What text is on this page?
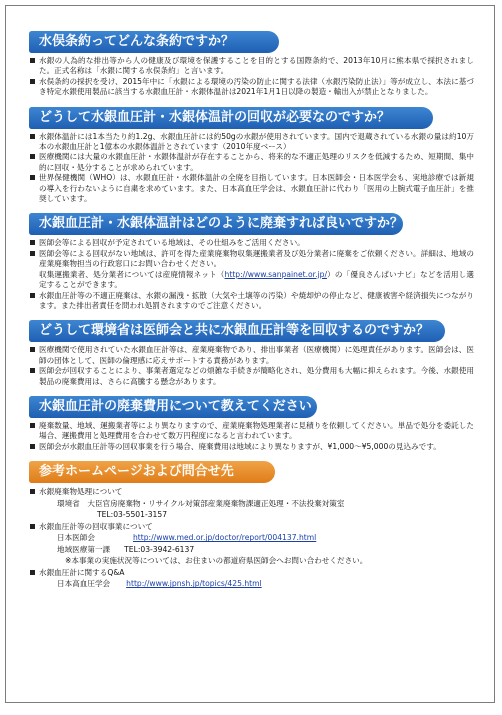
水俣条約ってどんな条約ですか？
水銀の人為的な排出等から人の健康及び環境を保護することを目的とする国際条約で、2013年10月に熊本県で採択されました。正式名称は「水銀に関する水俣条約」と言います。
水俣条約の採択を受け、2015年中に「水銀による環境の汚染の防止に関する法律（水銀汚染防止法）」等が成立し、本法に基づき特定水銀使用製品に該当する水銀血圧計・水銀体温計は2021年1月1日以降の製造・輸出入が禁止となりました。
どうして水銀血圧計・水銀体温計の回収が必要なのですか？
水銀体温計には1本当たり約1.2g、水銀血圧計には約50gの水銀が使用されています。国内で退蔵されている水銀の量は約10万本の水銀血圧計と1億本の水銀体温計とされています（2010年度ベース）
医療機関には大量の水銀血圧計・水銀体温計が存在することから、将来的な不適正処理のリスクを低減するため、短期間、集中的に回収・処分することが求められています。
世界保健機関（WHO）は、水銀血圧計・水銀体温計の全廃を目指しています。日本医師会・日本医学会も、実地診療では新規の導入を行わないように自粛を求めています。また、日本高血圧学会は、水銀血圧計に代わり「医用の上腕式電子血圧計」を推奨しています。
水銀血圧計・水銀体温計はどのように廃棄すれば良いですか？
医師会等による回収が予定されている地域は、その仕組みをご活用ください。
医師会等による回収がない地域は、許可を得た産業廃棄物収集運搬業者及び処分業者に廃棄をご依頼ください。詳細は、地域の産業廃棄物担当の行政窓口にお問い合わせください。
収集運搬業者、処分業者については産廃情報ネット（http://www.sanpainet.or.jp/）の「優良さんぱいナビ」などを活用し選定することができます。
水銀血圧計等の不適正廃棄は、水銀の漏洩・拡散（大気や土壌等の汚染）や焼却炉の停止など、健康被害や経済損失につながります。また排出者責任を問われ処罰されますのでご注意ください。
どうして環境省は医師会と共に水銀血圧計等を回収するのですか？
医療機関で使用されていた水銀血圧計等は、産業廃棄物であり、排出事業者（医療機関）に処理責任があります。医師会は、医師の団体として、医師の倫理感に応えサポートする責務があります。
医師会が回収することにより、事業者選定などの煩雑な手続きが簡略化され、処分費用も大幅に抑えられます。今後、水銀使用製品の廃棄費用は、さらに高騰する懸念があります。
水銀血圧計の廃棄費用について教えてください
廃棄数量、地域、運搬業者等により異なりますので、産業廃棄物処理業者に見積りを依頼してください。単品で処分を委託した場合、運搬費用と処理費用を合わせて数万円程度になると言われています。
医師会が水銀血圧計等の回収事業を行う場合、廃棄費用は地域により異なりますが、¥1,000～¥5,000の見込みです。
参考ホームページおよび問合せ先
水銀廃棄物処理について
環境省　 大臣官房廃棄物・リサイクル対策部産業廃棄物課適正処理・不法投棄対策室
TEL:03-5501-3157
水銀血圧計等の回収事業について
日本医師会	http://www.med.or.jp/doctor/report/004137.html
地域医療第一課 TEL:03-3942-6137
※本事業の実施状況等については、お住まいの都道府県医師会へお問い合わせください。
水銀血圧計に関するQ&A
日本高血圧学会 http://www.jpnsh.jp/topics/425.html
